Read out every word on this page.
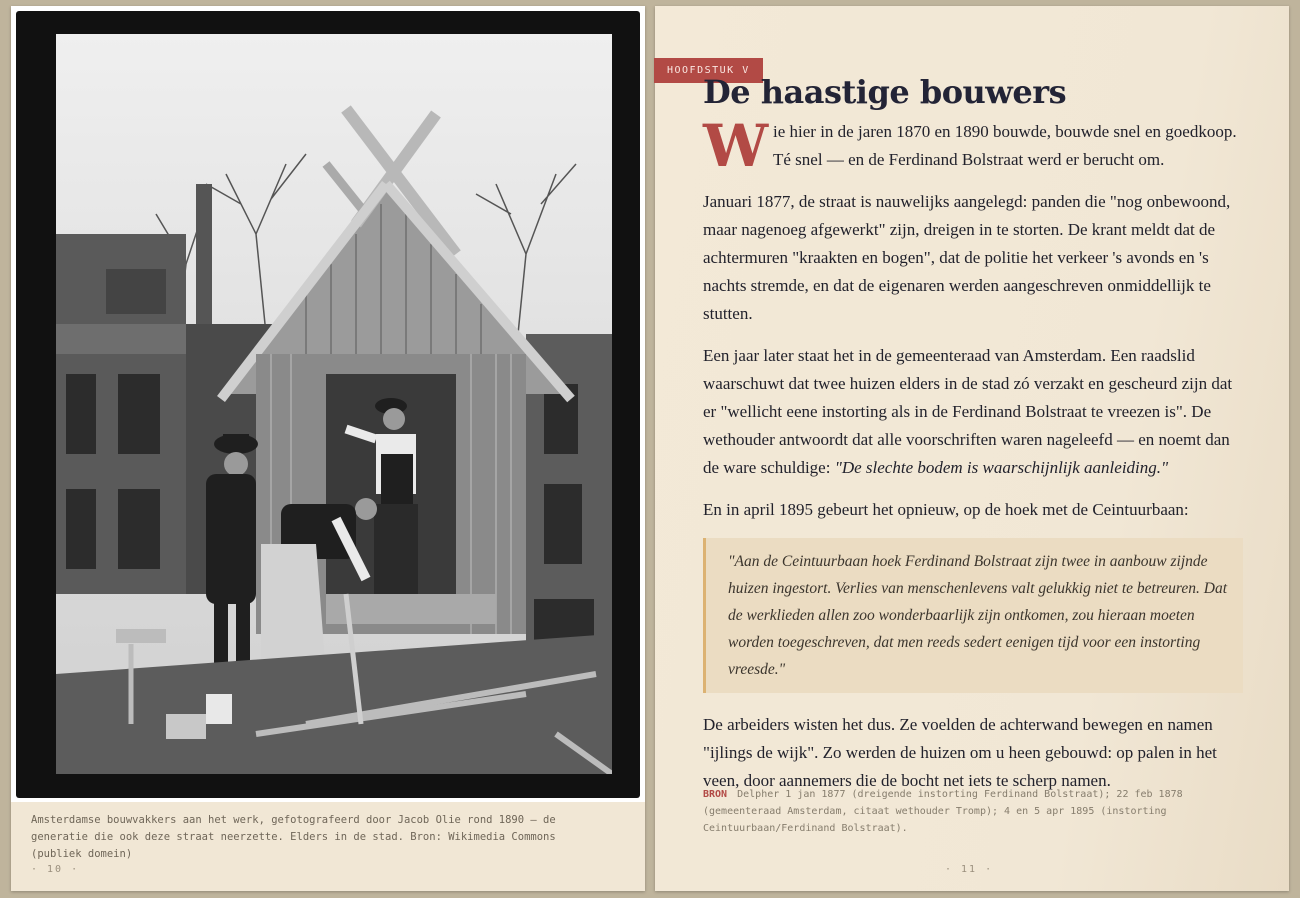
Amsterdamse bouwvakkers aan het werk, gefotografeerd door Jacob Olie rond 1890 — de generatie die ook deze straat neerzette. Elders in de stad. Bron: Wikimedia Commons (publiek domein)
· 10 ·
HOOFDSTUK V
De haastige bouwers

W ie hier in de jaren 1870 en 1890 bouwde, bouwde snel en goedkoop. Té snel — en de Ferdinand Bolstraat werd er berucht om.

Januari 1877, de straat is nauwelijks aangelegd: panden die "nog onbewoond, maar nagenoeg afgewerkt" zijn, dreigen in te storten. De krant meldt dat de achtermuren "kraakten en bogen", dat de politie het verkeer 's avonds en 's nachts stremde, en dat de eigenaren werden aangeschreven onmiddellijk te stutten.

Een jaar later staat het in de gemeenteraad van Amsterdam. Een raadslid waarschuwt dat twee huizen elders in de stad zó verzakt en gescheurd zijn dat er "wellicht eene instorting als in de Ferdinand Bolstraat te vreezen is". De wethouder antwoordt dat alle voorschriften waren nageleefd — en noemt dan de ware schuldige: "De slechte bodem is waarschijnlijk aanleiding."

En in april 1895 gebeurt het opnieuw, op de hoek met de Ceintuurbaan:

"Aan de Ceintuurbaan hoek Ferdinand Bolstraat zijn twee in aanbouw zijnde huizen ingestort. Verlies van menschenlevens valt gelukkig niet te betreuren. Dat de werklieden allen zoo wonderbaarlijk zijn ontkomen, zou hieraan moeten worden toegeschreven, dat men reeds sedert eenigen tijd voor een instorting vreesde."

De arbeiders wisten het dus. Ze voelden de achterwand bewegen en namen "ijlings de wijk". Zo werden de huizen om u heen gebouwd: op palen in het veen, door aannemers die de bocht net iets te scherp namen.

BRON Delpher 1 jan 1877 (dreigende instorting Ferdinand Bolstraat); 22 feb 1878 (gemeenteraad Amsterdam, citaat wethouder Tromp); 4 en 5 apr 1895 (instorting Ceintuurbaan/Ferdinand Bolstraat).
· 11 ·
